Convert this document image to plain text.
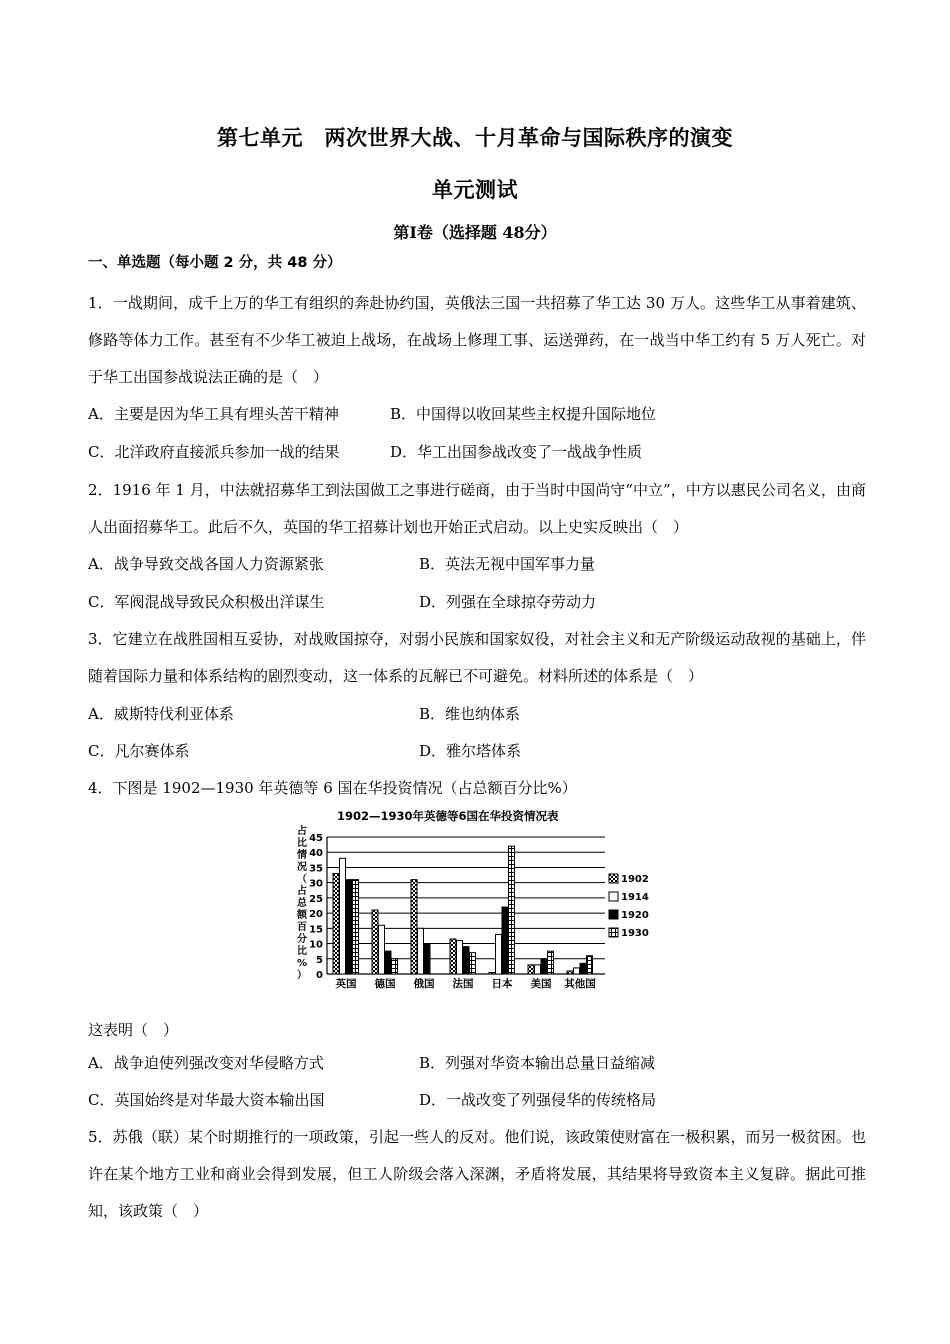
第七单元　两次世界大战、十月革命与国际秩序的演变
单元测试
第Ⅰ卷（选择题 48分）
一、单选题（每小题 2 分，共 48 分）
1．一战期间，成千上万的华工有组织的奔赴协约国，英俄法三国一共招募了华工达 30 万人。这些华工从事着建筑、修路等体力工作。甚至有不少华工被迫上战场，在战场上修理工事、运送弹药，在一战当中华工约有 5 万人死亡。对于华工出国参战说法正确的是（　）
A．主要是因为华工具有埋头苦干精神	B．中国得以收回某些主权提升国际地位
C．北洋政府直接派兵参加一战的结果	D．华工出国参战改变了一战战争性质
2．1916 年 1 月，中法就招募华工到法国做工之事进行磋商，由于当时中国尚守“中立”，中方以惠民公司名义，由商人出面招募华工。此后不久，英国的华工招募计划也开始正式启动。以上史实反映出（　）
A．战争导致交战各国人力资源紧张	B．英法无视中国军事力量
C．军阀混战导致民众积极出洋谋生	D．列强在全球掠夺劳动力
3．它建立在战胜国相互妥协，对战败国掠夺，对弱小民族和国家奴役，对社会主义和无产阶级运动敌视的基础上，伴随着国际力量和体系结构的剧烈变动，这一体系的瓦解已不可避免。材料所述的体系是（　）
A．威斯特伐利亚体系	B．维也纳体系
C．凡尔赛体系	D．雅尔塔体系
4．下图是 1902—1930 年英德等 6 国在华投资情况（占总额百分比%）
1902—1930年英德等6国在华投资情况表
占比情况（占总额百分比%） 0
5
10
15
20
25
30
35
40
45
英国 德国 俄国 法国 日本 美国 其他国
1902
1914
1920
1930
这表明（　）
A．战争迫使列强改变对华侵略方式	B．列强对华资本输出总量日益缩减
C．英国始终是对华最大资本输出国	D．一战改变了列强侵华的传统格局
5．苏俄（联）某个时期推行的一项政策，引起一些人的反对。他们说，该政策使财富在一极积累，而另一极贫困。也许在某个地方工业和商业会得到发展，但工人阶级会落入深渊，矛盾将发展，其结果将导致资本主义复辟。据此可推知，该政策（　）
